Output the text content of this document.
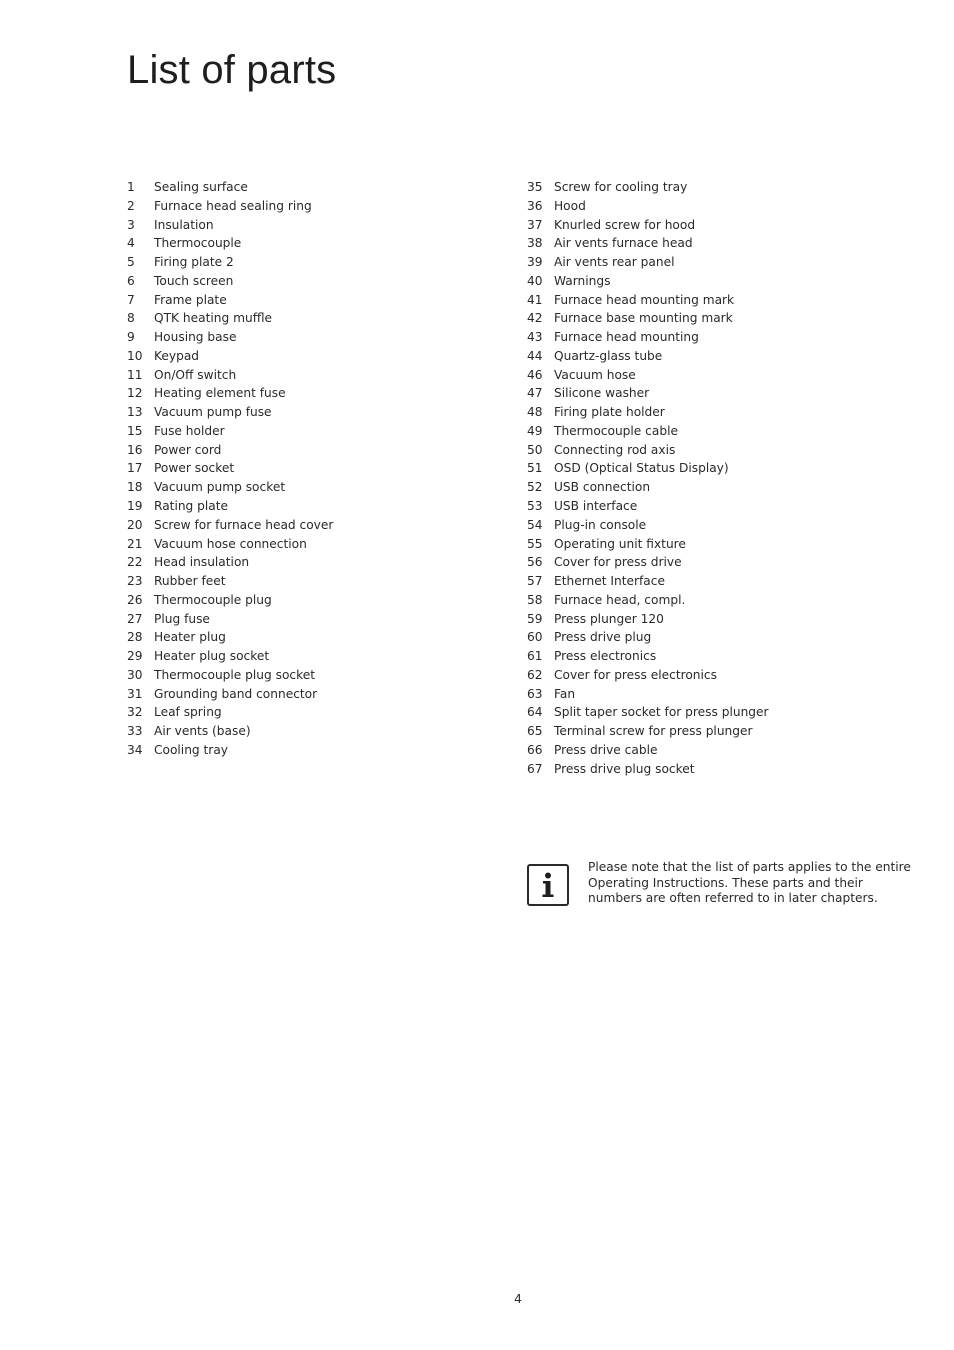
List of parts
1	Sealing surface
2	Furnace head sealing ring
3	Insulation
4	Thermocouple
5	Firing plate 2
6	Touch screen
7	Frame plate
8	QTK heating muffle
9	Housing base
10 Keypad
11 On/Off switch
12 Heating element fuse
13 Vacuum pump fuse
15 Fuse holder
16 Power cord
17 Power socket
18 Vacuum pump socket
19 Rating plate
20 Screw for furnace head cover
21 Vacuum hose connection
22 Head insulation
23 Rubber feet
26 Thermocouple plug
27 Plug fuse
28 Heater plug
29 Heater plug socket
30 Thermocouple plug socket
31 Grounding band connector
32 Leaf spring
33 Air vents (base)
34 Cooling tray
35 Screw for cooling tray
36 Hood
37 Knurled screw for hood
38 Air vents furnace head
39 Air vents rear panel
40 Warnings
41 Furnace head mounting mark
42 Furnace base mounting mark
43 Furnace head mounting
44 Quartz-glass tube
46 Vacuum hose
47 Silicone washer
48 Firing plate holder
49 Thermocouple cable
50 Connecting rod axis
51 OSD (Optical Status Display)
52 USB connection
53 USB interface
54 Plug-in console
55 Operating unit fixture
56 Cover for press drive
57 Ethernet Interface
58 Furnace head, compl.
59 Press plunger 120
60 Press drive plug
61 Press electronics
62 Cover for press electronics
63 Fan
64 Split taper socket for press plunger
65 Terminal screw for press plunger
66 Press drive cable
67 Press drive plug socket

Please note that the list of parts applies to the entire Operating Instructions. These parts and their numbers are often referred to in later chapters.

4
